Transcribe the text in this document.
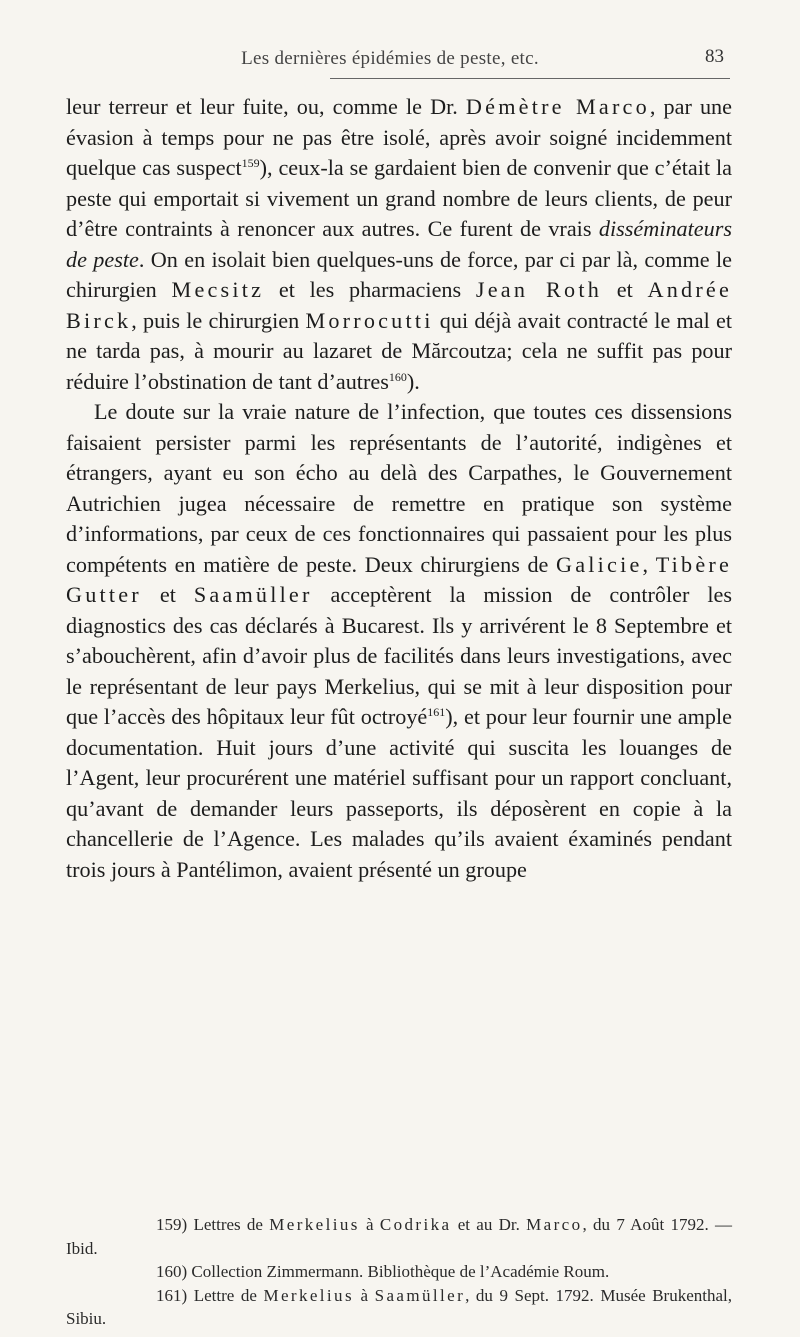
Les dernières épidémies de peste, etc.	83

leur terreur et leur fuite, ou, comme le Dr. Démètre Marco, par une évasion à temps pour ne pas être isolé, après avoir soigné incidemment quelque cas suspect$^{159}$), ceux-la se gardaient bien de convenir que c’était la peste qui emportait si vivement un grand nombre de leurs clients, de peur d’être contraints à renoncer aux autres. Ce furent de vrais disséminateurs de peste. On en isolait bien quelques-uns de force, par ci par là, comme le chirurgien Mecsitz et les pharmaciens Jean Roth et Andrée Birck, puis le chirurgien Morrocutti qui déjà avait contracté le mal et ne tarda pas, à mourir au lazaret de Mărcoutza; cela ne suffit pas pour réduire l’obstination de tant d’autres$^{160}$).

Le doute sur la vraie nature de l’infection, que toutes ces dissensions faisaient persister parmi les représentants de l’autorité, indigènes et étrangers, ayant eu son écho au delà des Carpathes, le Gouvernement Autrichien jugea nécessaire de remettre en pratique son système d’informations, par ceux de ces fonctionnaires qui passaient pour les plus compétents en matière de peste. Deux chirurgiens de Galicie, Tibère Gutter et Saamüller acceptèrent la mission de contrôler les diagnostics des cas déclarés à Bucarest. Ils y arrivérent le 8 Septembre et s’abouchèrent, afin d’avoir plus de facilités dans leurs investigations, avec le représentant de leur pays Merkelius, qui se mit à leur disposition pour que l’accès des hôpitaux leur fût octroyé$^{161}$), et pour leur fournir une ample documentation. Huit jours d’une activité qui suscita les louanges de l’Agent, leur procurérent une matériel suffisant pour un rapport concluant, qu’avant de demander leurs passeports, ils déposèrent en copie à la chancellerie de l’Agence. Les malades qu’ils avaient éxaminés pendant trois jours à Pantélimon, avaient présenté un groupe

159) Lettres de Merkelius à Codrika et au Dr. Marco, du 7 Août 1792. — Ibid.

160) Collection Zimmermann. Bibliothèque de l’Académie Roum.

161) Lettre de Merkelius à Saamüller, du 9 Sept. 1792. Musée Brukenthal, Sibiu.
